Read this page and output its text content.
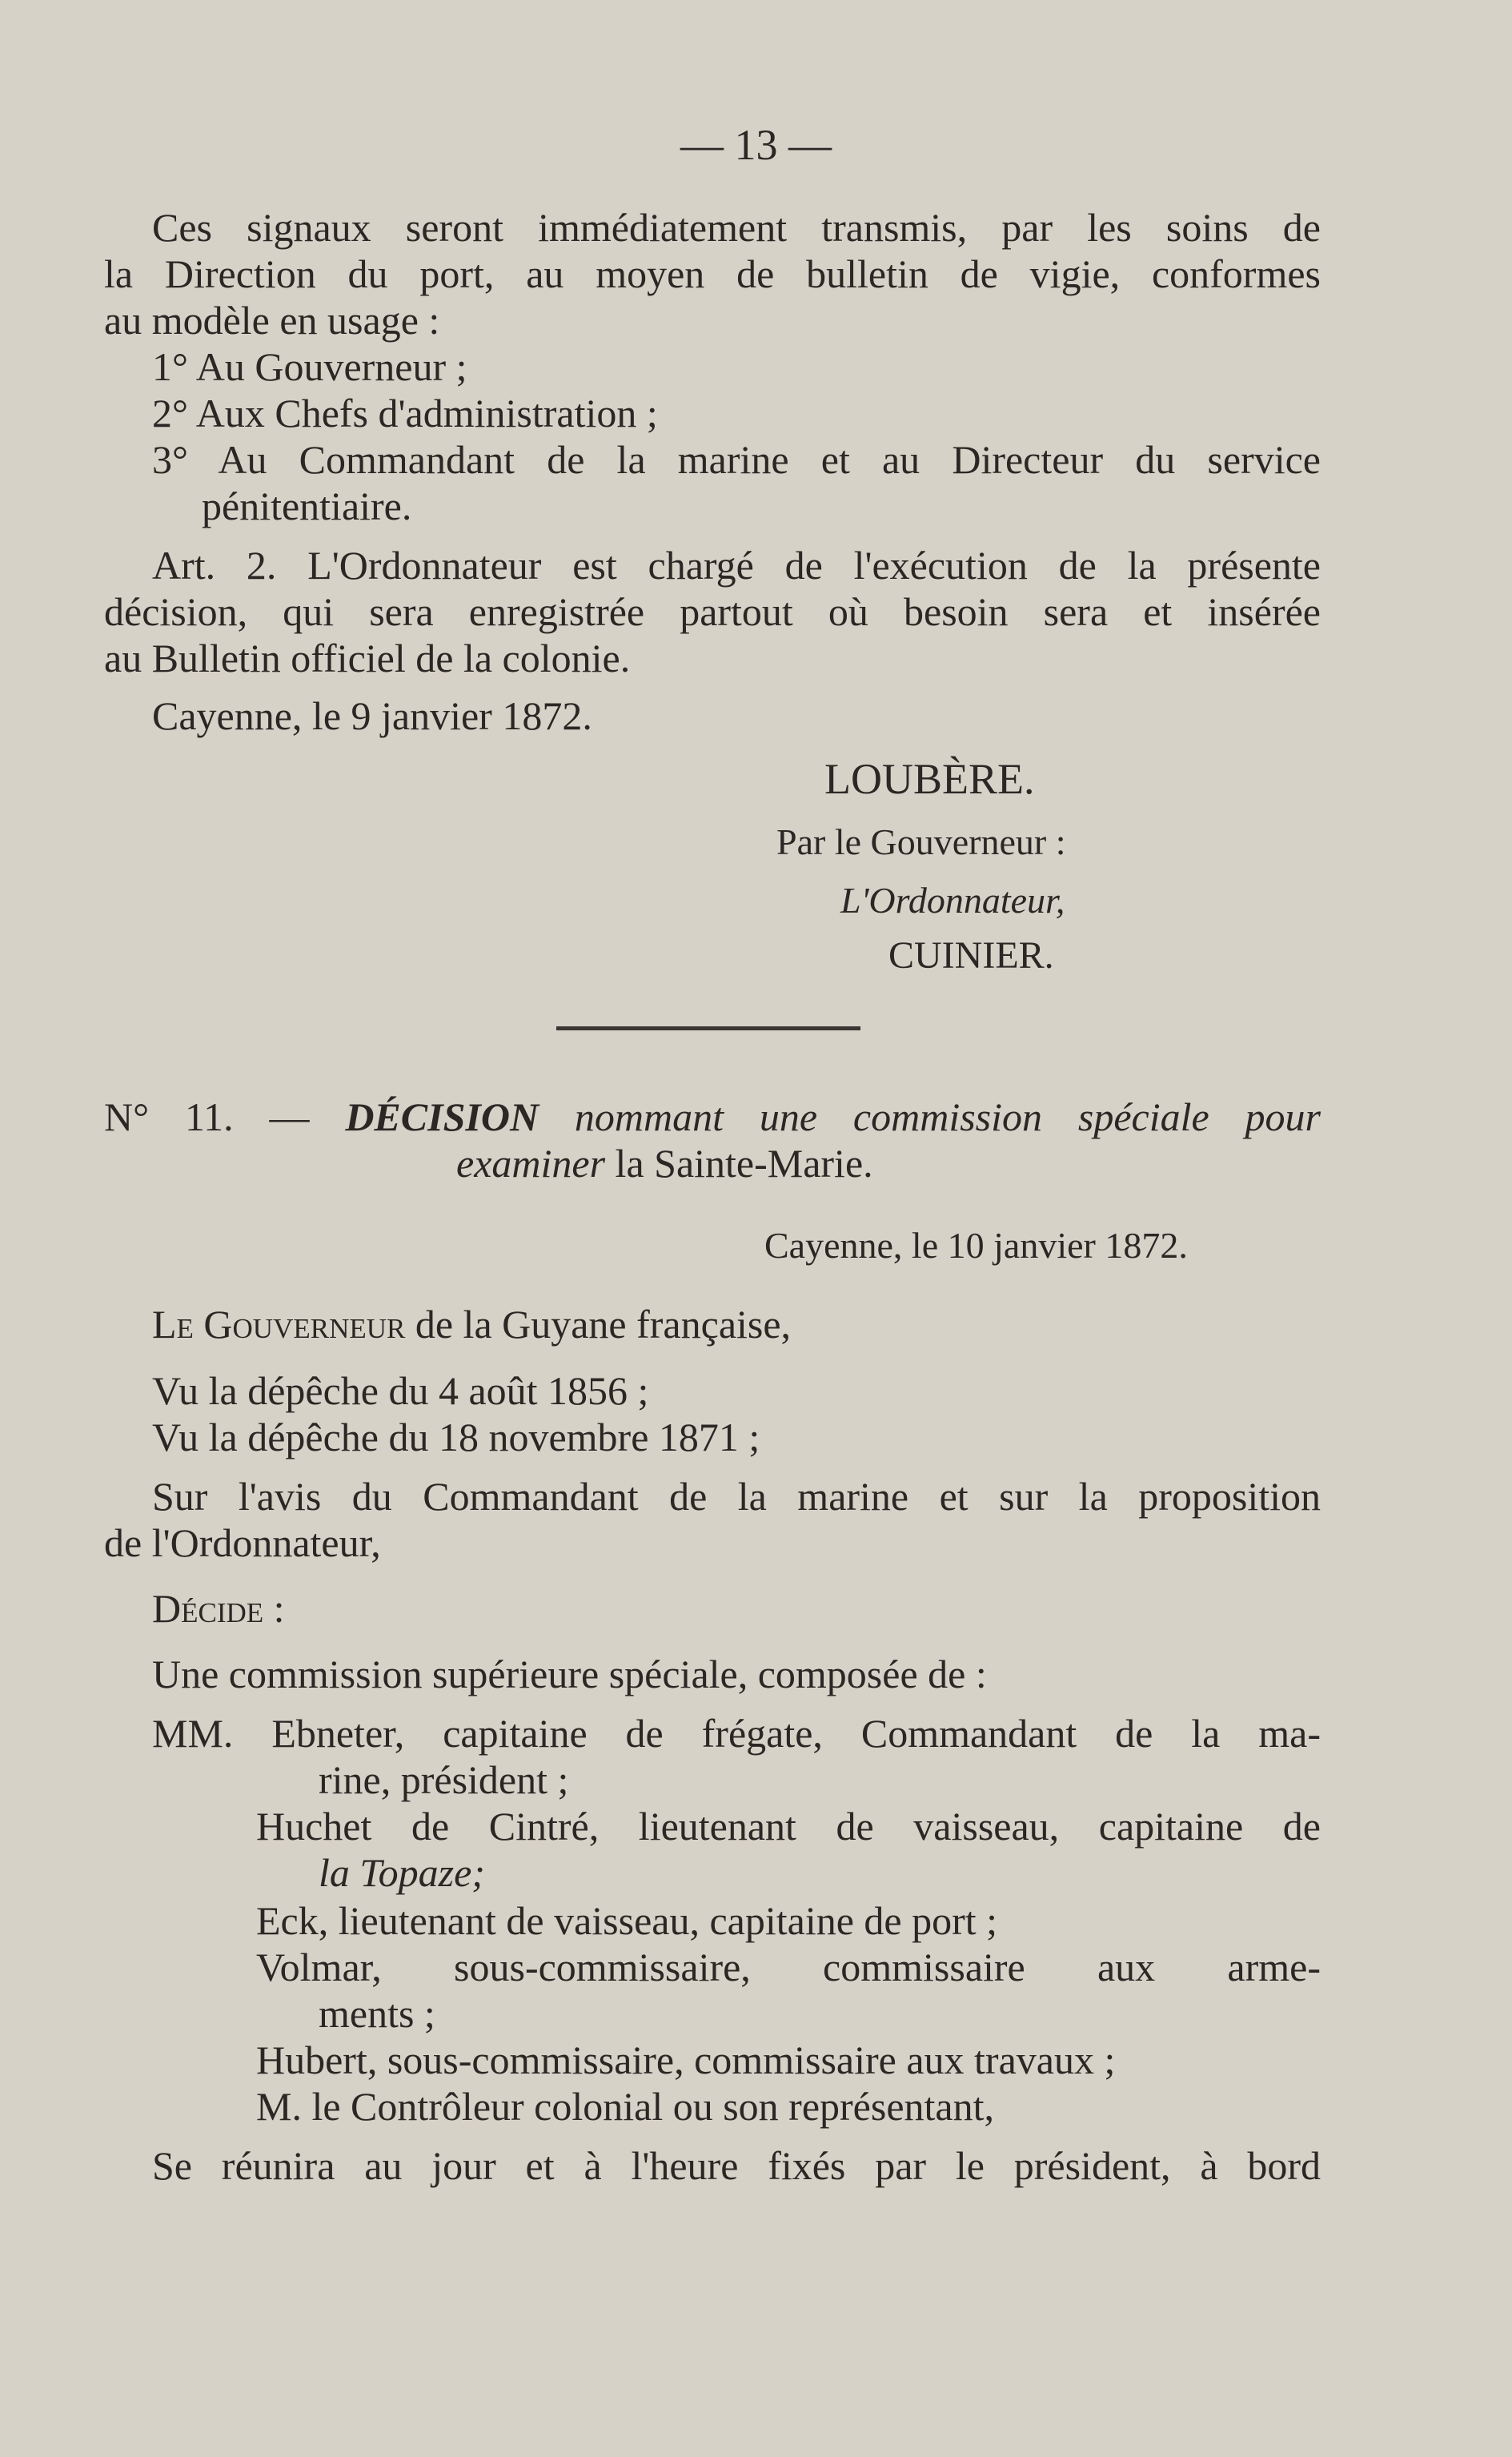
— 13 —
Ces signaux seront immédiatement transmis, par les soins de
la Direction du port, au moyen de bulletin de vigie, conformes
au modèle en usage :
1° Au Gouverneur ;
2° Aux Chefs d'administration ;
3° Au Commandant de la marine et au Directeur du service
pénitentiaire.
Art. 2. L'Ordonnateur est chargé de l'exécution de la présente
décision, qui sera enregistrée partout où besoin sera et insérée
au Bulletin officiel de la colonie.
Cayenne, le 9 janvier 1872.
LOUBÈRE.
Par le Gouverneur :
L'Ordonnateur,
CUINIER.
N° 11. — DÉCISION nommant une commission spéciale pour
examiner la Sainte-Marie.
Cayenne, le 10 janvier 1872.
Le Gouverneur de la Guyane française,
Vu la dépêche du 4 août 1856 ;
Vu la dépêche du 18 novembre 1871 ;
Sur l'avis du Commandant de la marine et sur la proposition
de l'Ordonnateur,
Décide :
Une commission supérieure spéciale, composée de :
MM. Ebneter, capitaine de frégate, Commandant de la ma-
rine, président ;
Huchet de Cintré, lieutenant de vaisseau, capitaine de
la Topaze;
Eck, lieutenant de vaisseau, capitaine de port ;
Volmar, sous-commissaire, commissaire aux arme-
ments ;
Hubert, sous-commissaire, commissaire aux travaux ;
M. le Contrôleur colonial ou son représentant,
Se réunira au jour et à l'heure fixés par le président, à bord
